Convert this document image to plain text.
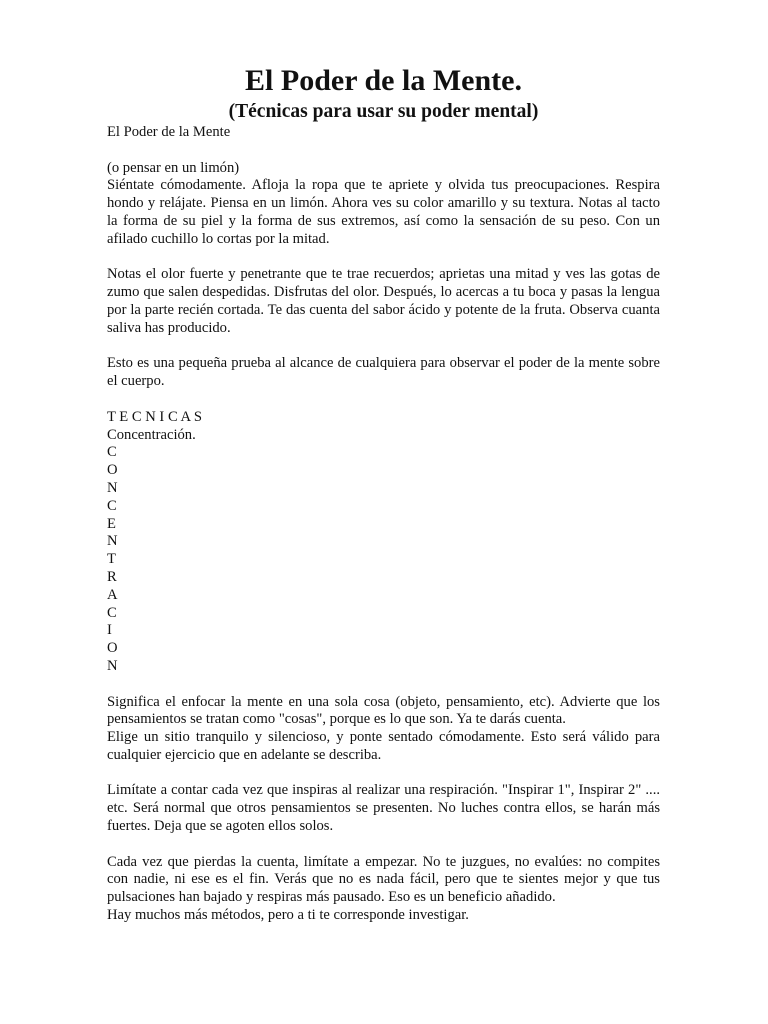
El Poder de la Mente.
(Técnicas para usar su poder mental)

El Poder de la Mente

(o pensar en un limón)

Siéntate cómodamente. Afloja la ropa que te apriete y olvida tus preocupaciones. Respira hondo y relájate. Piensa en un limón. Ahora ves su color amarillo y su textura. Notas al tacto la forma de su piel y la forma de sus extremos, así como la sensación de su peso. Con un afilado cuchillo lo cortas por la mitad.

Notas el olor fuerte y penetrante que te trae recuerdos; aprietas una mitad y ves las gotas de zumo que salen despedidas. Disfrutas del olor. Después, lo acercas a tu boca y pasas la lengua por la parte recién cortada. Te das cuenta del sabor ácido y potente de la fruta. Observa cuanta saliva has producido.

Esto es una pequeña prueba al alcance de cualquiera para observar el poder de la mente sobre el cuerpo.

T E C N I C A S

Concentración.

C
O
N
C
E
N
T
R
A
C
I
O
N

Significa el enfocar la mente en una sola cosa (objeto, pensamiento, etc). Advierte que los pensamientos se tratan como "cosas", porque es lo que son. Ya te darás cuenta.

Elige un sitio tranquilo y silencioso, y ponte sentado cómodamente. Esto será válido para cualquier ejercicio que en adelante se describa.

Limítate a contar cada vez que inspiras al realizar una respiración. "Inspirar 1", Inspirar 2" .... etc. Será normal que otros pensamientos se presenten. No luches contra ellos, se harán más fuertes. Deja que se agoten ellos solos.

Cada vez que pierdas la cuenta, limítate a empezar. No te juzgues, no evalúes: no compites con nadie, ni ese es el fin. Verás que no es nada fácil, pero que te sientes mejor y que tus pulsaciones han bajado y respiras más pausado. Eso es un beneficio añadido.

Hay muchos más métodos, pero a ti te corresponde investigar.
